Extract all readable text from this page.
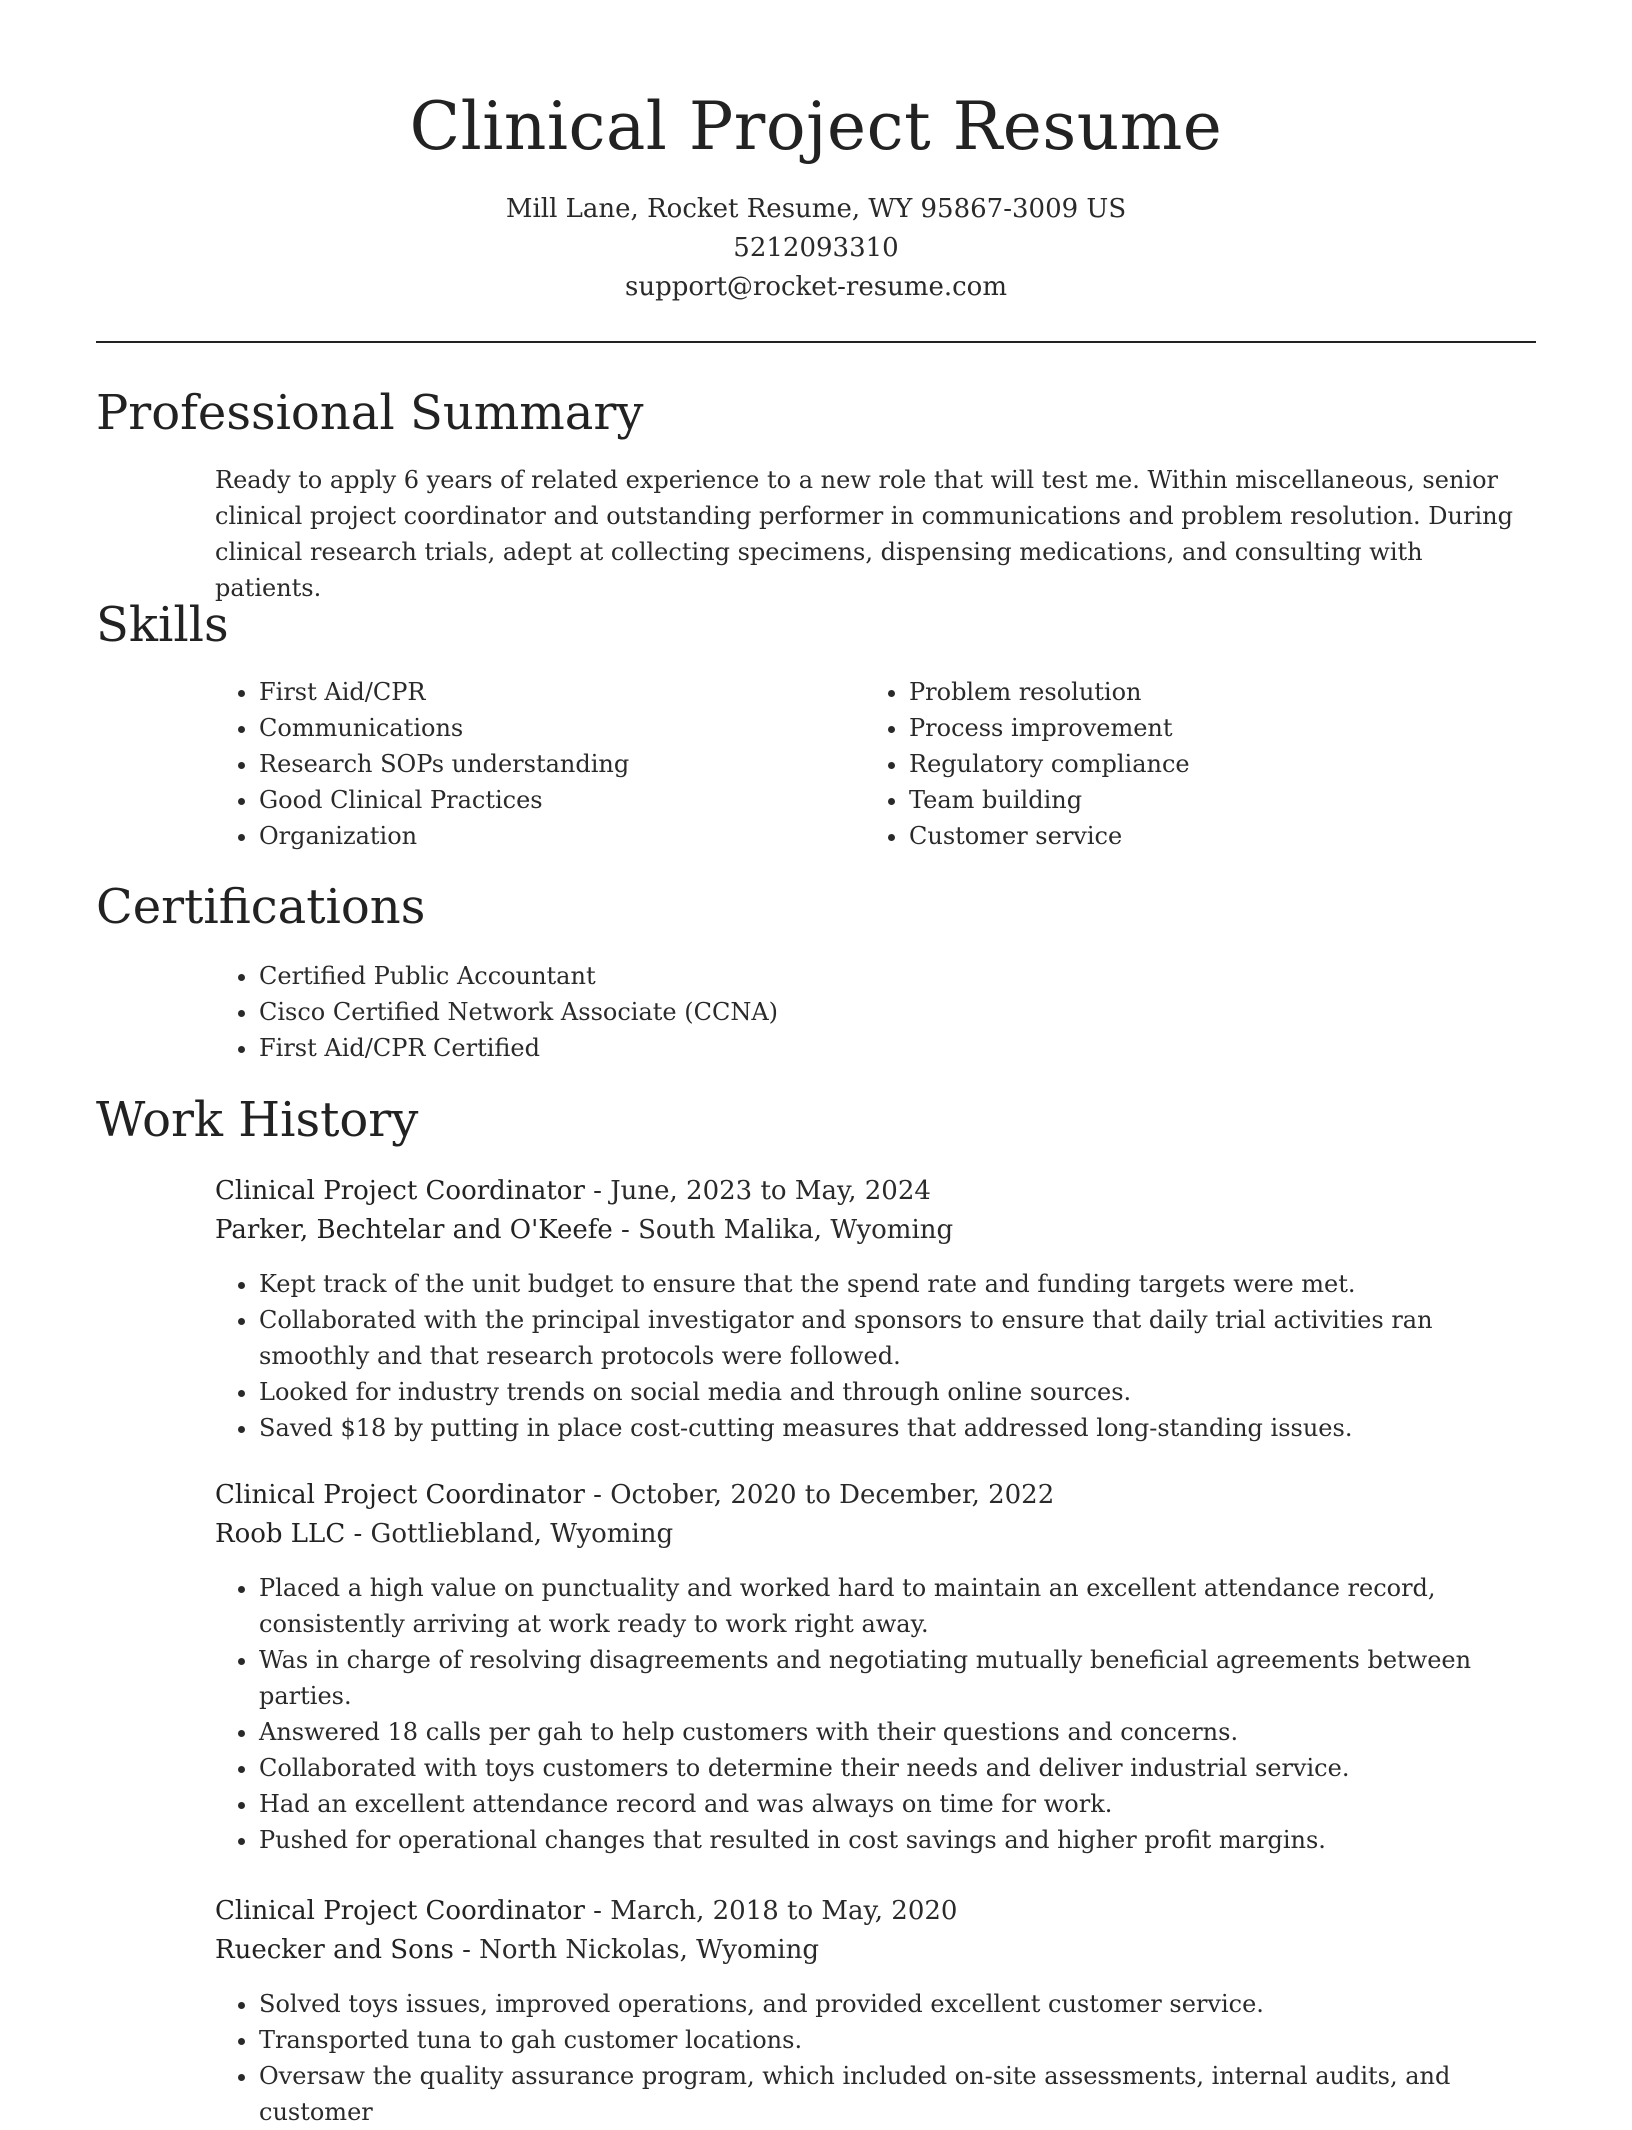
Clinical Project Resume
Mill Lane, Rocket Resume, WY 95867-3009 US
5212093310
support@rocket-resume.com
Professional Summary

Ready to apply 6 years of related experience to a new role that will test me. Within miscellaneous, senior clinical project coordinator and outstanding performer in communications and problem resolution. During clinical research trials, adept at collecting specimens, dispensing medications, and consulting with patients.

Skills
• First Aid/CPR
• Communications
• Research SOPs understanding
• Good Clinical Practices
• Organization
• Problem resolution
• Process improvement
• Regulatory compliance
• Team building
• Customer service
Certifications
• Certified Public Accountant
• Cisco Certified Network Associate (CCNA)
• First Aid/CPR Certified
Work History
Clinical Project Coordinator - June, 2023 to May, 2024
Parker, Bechtelar and O'Keefe - South Malika, Wyoming
• Kept track of the unit budget to ensure that the spend rate and funding targets were met.
• Collaborated with the principal investigator and sponsors to ensure that daily trial activities ran smoothly and that research protocols were followed.
• Looked for industry trends on social media and through online sources.
• Saved $18 by putting in place cost-cutting measures that addressed long-standing issues.
Clinical Project Coordinator - October, 2020 to December, 2022
Roob LLC - Gottliebland, Wyoming
• Placed a high value on punctuality and worked hard to maintain an excellent attendance record, consistently arriving at work ready to work right away.
• Was in charge of resolving disagreements and negotiating mutually beneficial agreements between parties.
• Answered 18 calls per gah to help customers with their questions and concerns.
• Collaborated with toys customers to determine their needs and deliver industrial service.
• Had an excellent attendance record and was always on time for work.
• Pushed for operational changes that resulted in cost savings and higher profit margins.
Clinical Project Coordinator - March, 2018 to May, 2020
Ruecker and Sons - North Nickolas, Wyoming
• Solved toys issues, improved operations, and provided excellent customer service.
• Transported tuna to gah customer locations.
• Oversaw the quality assurance program, which included on-site assessments, internal audits, and customer
